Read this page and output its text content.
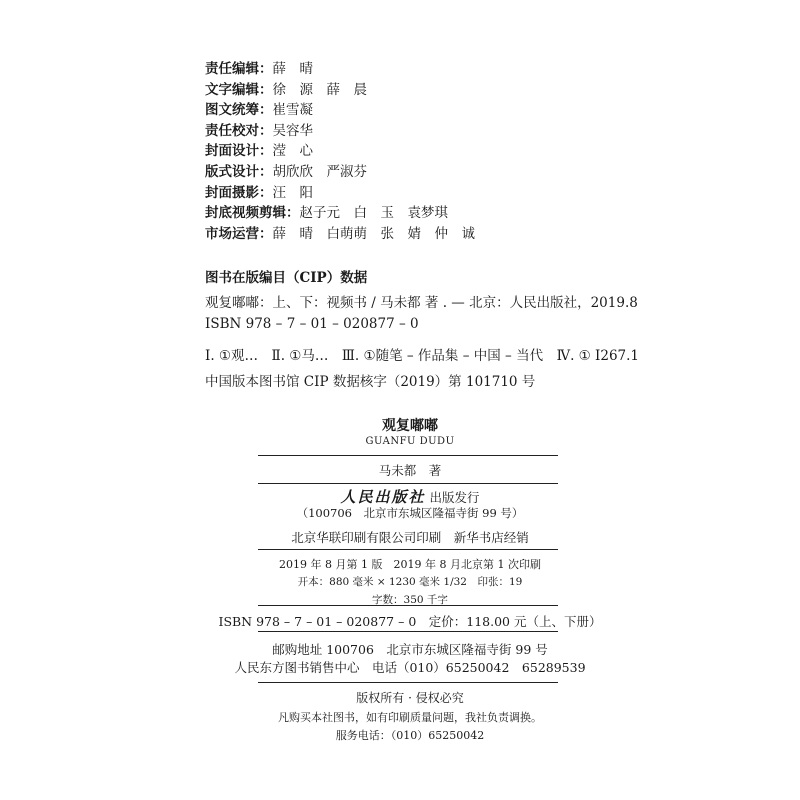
责任编辑：薛　晴
文字编辑：徐　源　薛　晨
图文统筹：崔雪凝
责任校对：吴容华
封面设计：滢　心
版式设计：胡欣欣　严淑芬
封面摄影：汪　阳
封底视频剪辑：赵子元　白　玉　袁梦琪
市场运营：薛　晴　白萌萌　张　婧　仲　诚
图书在版编目（CIP）数据
观复嘟嘟：上、下：视频书 / 马未都 著 . — 北京：人民出版社，2019.8
ISBN 978 – 7 – 01 – 020877 – 0
Ⅰ. ①观…　Ⅱ. ①马…　Ⅲ. ①随笔 – 作品集 – 中国 – 当代　Ⅳ. ① I267.1
中国版本图书馆 CIP 数据核字（2019）第 101710 号
观复嘟嘟
GUANFU DUDU
马未都　著
人民出版社 出版发行
（100706　北京市东城区隆福寺街 99 号）
北京华联印刷有限公司印刷　新华书店经销
2019 年 8 月第 1 版　2019 年 8 月北京第 1 次印刷
开本：880 毫米 × 1230 毫米 1/32　印张：19
字数：350 千字
ISBN 978 – 7 – 01 – 020877 – 0　定价：118.00 元（上、下册）
邮购地址 100706　北京市东城区隆福寺街 99 号
人民东方图书销售中心　电话（010）65250042　65289539
版权所有 · 侵权必究
凡购买本社图书，如有印刷质量问题，我社负责调换。
服务电话：（010）65250042
